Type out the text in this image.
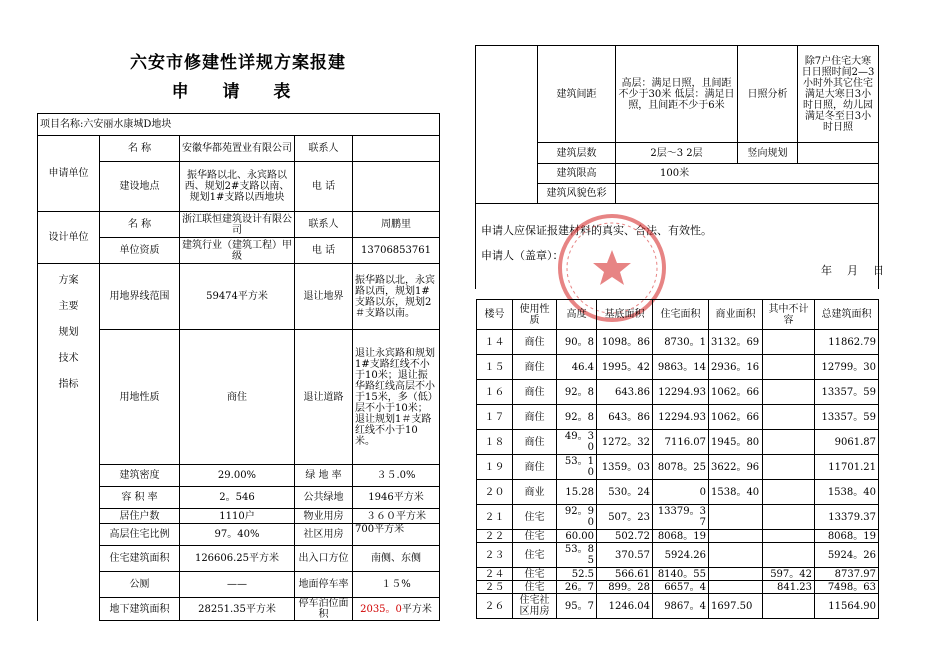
六安市修建性详规方案报建
申 请 表
项目名称:六安丽水康城D地块				
申请单位	名 称	安徽华都苑置业有限公司	联系人	
	建设地点	振华路以北、永宾路以西、规划2#支路以南、规划1#支路以西地块	电 话	
设计单位	名 称	浙江联恒建筑设计有限公司	联系人	周鹏里
	单位资质	建筑行业（建筑工程）甲级	电 话	13706853761

方案
主要
规划
技术
指标	用地界线范围	59474平方米	退让地界	振华路以北，永宾路以西，规划1#支路以东，规划2＃支路以南。
	用地性质	商住	退让道路	退让永宾路和规划1#支路红线不小于10米；退让振华路红线高层不小于15米，多（低）层不小于10米；退让规划1＃支路红线不小于10米。
	建筑密度	29.00%	绿 地 率	３５.0%
	容 积 率	2。546	公共绿地	1946平方米
	居住户数	1110户	物业用房	３６０平方米
	高层住宅比例	97。40%	社区用房	700平方米
	住宅建筑面积	126606.25平方米	出入口方位	南侧、东侧
	公厕	——	地面停车率	１５%
	地下建筑面积	28251.35平方米	停车泊位面积	2035。0平方米
	建筑间距	高层：满足日照，且间距不少于30米 低层：满足日照，且间距不少于6米	日照分析	除7户住宅大寒日日照时间2—3小时外其它住宅满足大寒日3小时日照，幼儿园满足冬至日3小时日照
	建筑层数	2层～3 2层	竖向规划	
	建筑限高	100米		
	建筑风貌色彩			

申请人应保证报建材料的真实、合法、有效性。
申请人（盖章）：
年　月　日
楼号	使用性质	高度	基底面积	住宅面积	商业面积	其中不计容	总建筑面积
１４	商住	90。8	1098。86	8730。1	3132。69		11862.79
１５	商住	46.4	1995。42	9863。14	2936。16		12799。30
１６	商住	92。8	643.86	12294.93	1062。66		13357。59
１７	商住	92。8	643。86	12294.93	1062。66		13357。59
１８	商住	49。30	1272。32	7116.07	1945。80		9061.87
１９	商住	53。10	1359。03	8078。25	3622。96		11701.21
２０	商业	15.28	530。24	0	1538。40		1538。40
２１	住宅	92。90	507。23	13379。37			13379.37
２２	住宅	60.00	502.72	8068。19			8068。19
２３	住宅	53。85	370.57	5924.26			5924。26
２４	住宅	52.5	566.61	8140。55		597。42	8737.97
２５	住宅	26。7	899。28	6657。4		841.23	7498。63
２６	住宅社区用房	95。7	1246.04	9867。4	1697.50		11564.90
